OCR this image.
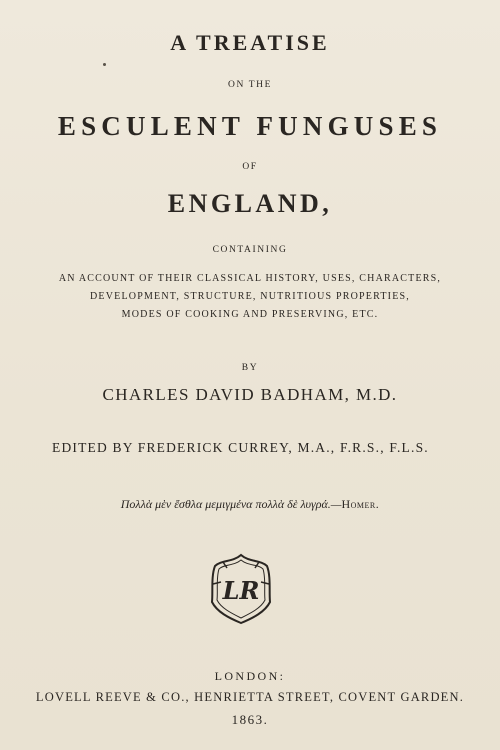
A TREATISE
ON THE
ESCULENT FUNGUSES
OF
ENGLAND,
CONTAINING
AN ACCOUNT OF THEIR CLASSICAL HISTORY, USES, CHARACTERS,
DEVELOPMENT, STRUCTURE, NUTRITIOUS PROPERTIES,
MODES OF COOKING AND PRESERVING, ETC.
BY
CHARLES DAVID BADHAM, M.D.
EDITED BY FREDERICK CURREY, M.A., F.R.S., F.L.S.
Πολλὰ μὲν ἔσθλα μεμιγμένα πολλὰ δὲ λυγρά.—Homer.
LR
LONDON:
LOVELL REEVE & CO., HENRIETTA STREET, COVENT GARDEN.
1863.
